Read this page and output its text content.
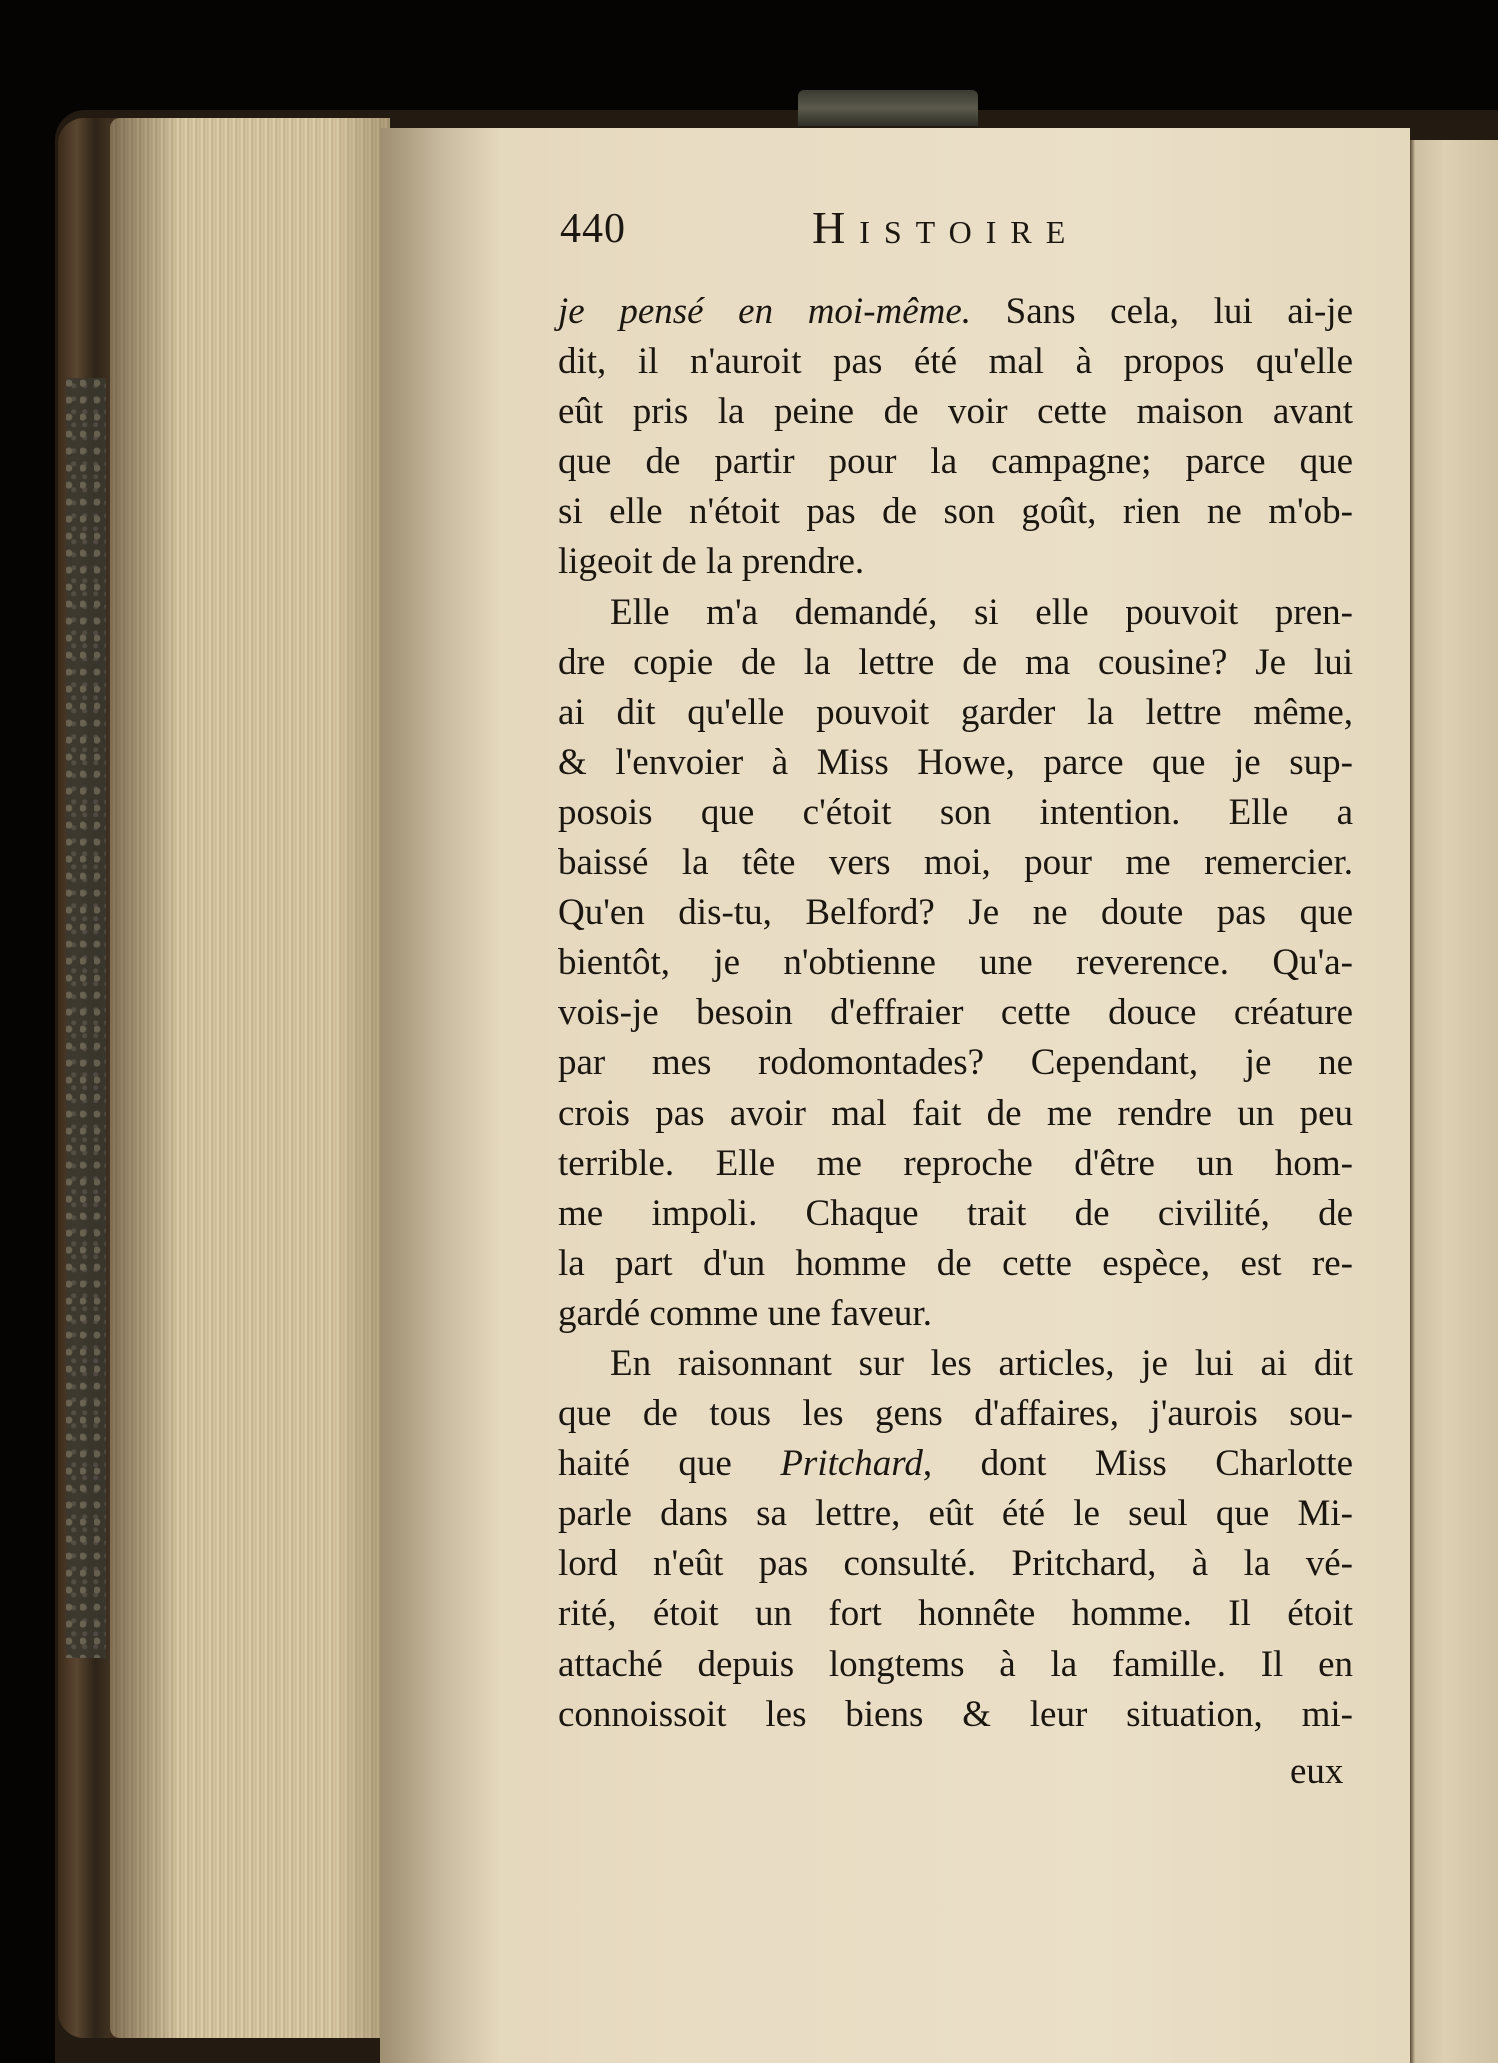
440	Histoire
je pensé en moi-même. Sans cela, lui ai-je
dit, il n'auroit pas été mal à propos qu'elle
eût pris la peine de voir cette maison avant
que de partir pour la campagne; parce que
si elle n'étoit pas de son goût, rien ne m'ob-
ligeoit de la prendre.
Elle m'a demandé, si elle pouvoit pren-
dre copie de la lettre de ma cousine? Je lui
ai dit qu'elle pouvoit garder la lettre même,
& l'envoier à Miss Howe, parce que je sup-
posois que c'étoit son intention. Elle a
baissé la tête vers moi, pour me remercier.
Qu'en dis-tu, Belford? Je ne doute pas que
bientôt, je n'obtienne une reverence. Qu'a-
vois-je besoin d'effraier cette douce créature
par mes rodomontades? Cependant, je ne
crois pas avoir mal fait de me rendre un peu
terrible. Elle me reproche d'être un hom-
me impoli. Chaque trait de civilité, de
la part d'un homme de cette espèce, est re-
gardé comme une faveur.
En raisonnant sur les articles, je lui ai dit
que de tous les gens d'affaires, j'aurois sou-
haité que Pritchard, dont Miss Charlotte
parle dans sa lettre, eût été le seul que Mi-
lord n'eût pas consulté. Pritchard, à la vé-
rité, étoit un fort honnête homme. Il étoit
attaché depuis longtems à la famille. Il en
connoissoit les biens & leur situation, mi-
eux
